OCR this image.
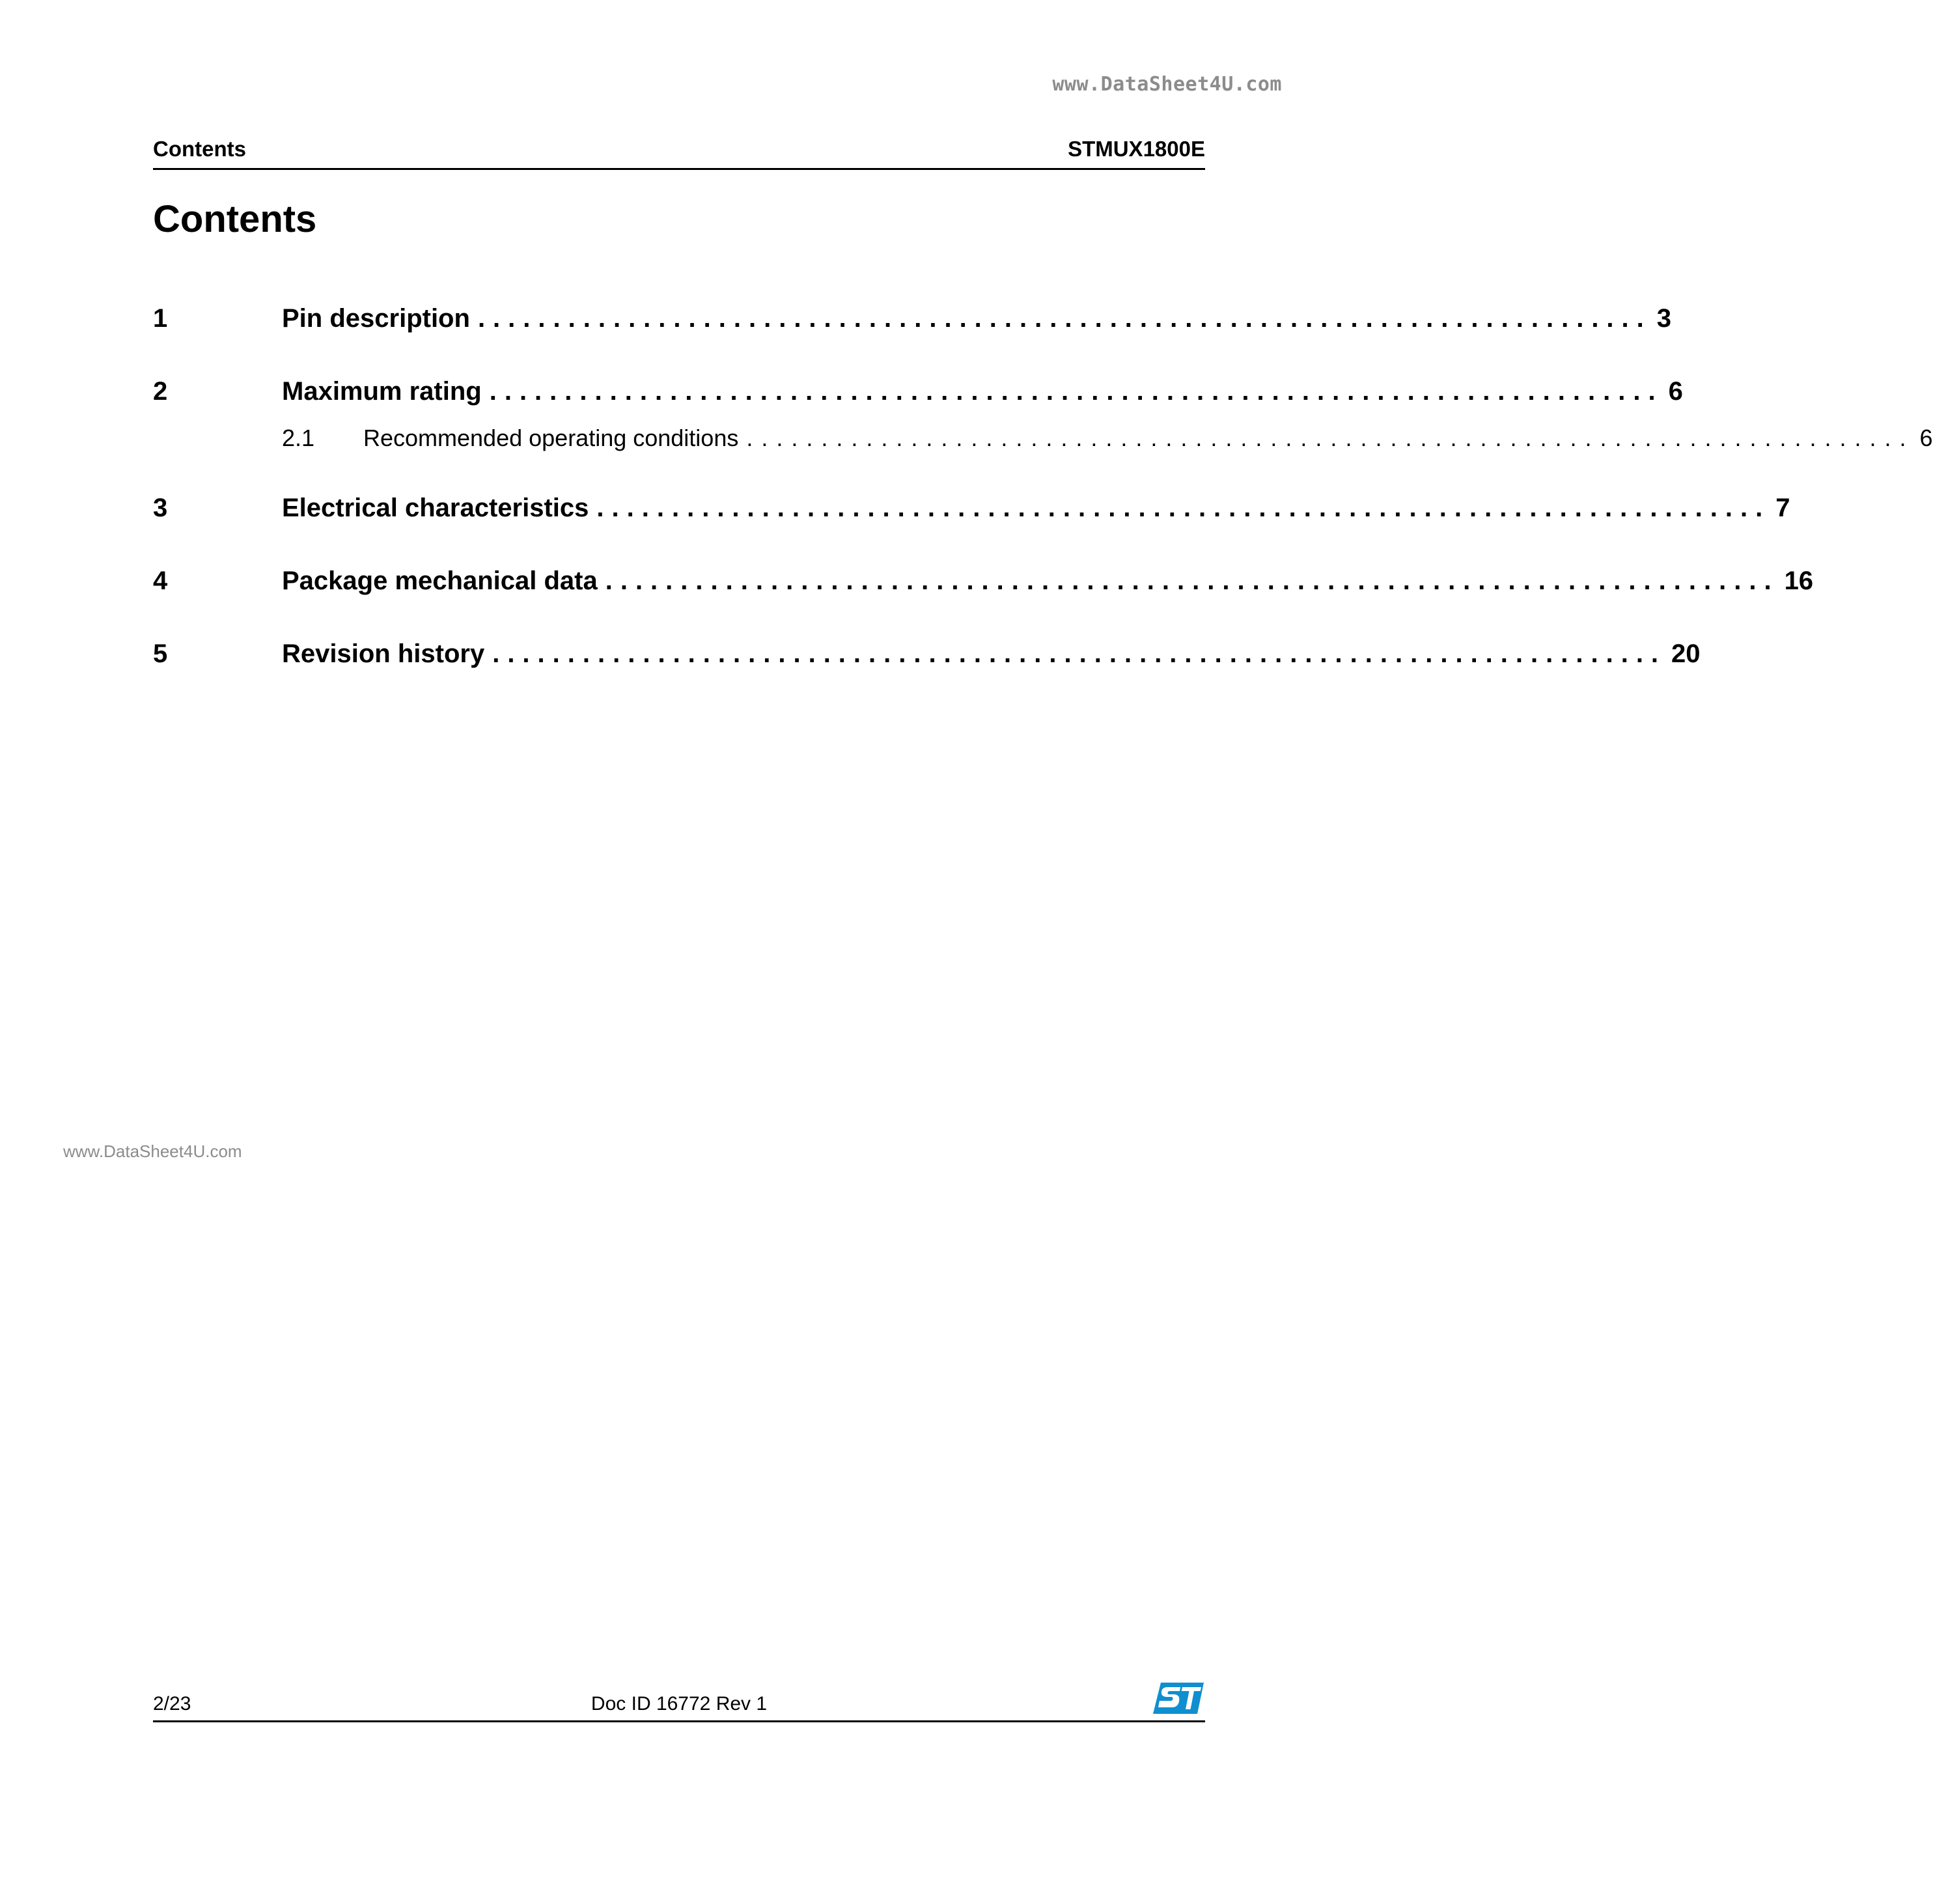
www.DataSheet4U.com
Contents	STMUX1800E
Contents
1	Pin description .............................................................................. 3
2	Maximum rating .............................................................................. 6
2.1	Recommended operating conditions .............................................................................. 6
3	Electrical characteristics .............................................................................. 7
4	Package mechanical data .............................................................................. 16
5	Revision history .............................................................................. 20
www.DataSheet4U.com
2/23	Doc ID 16772 Rev 1
